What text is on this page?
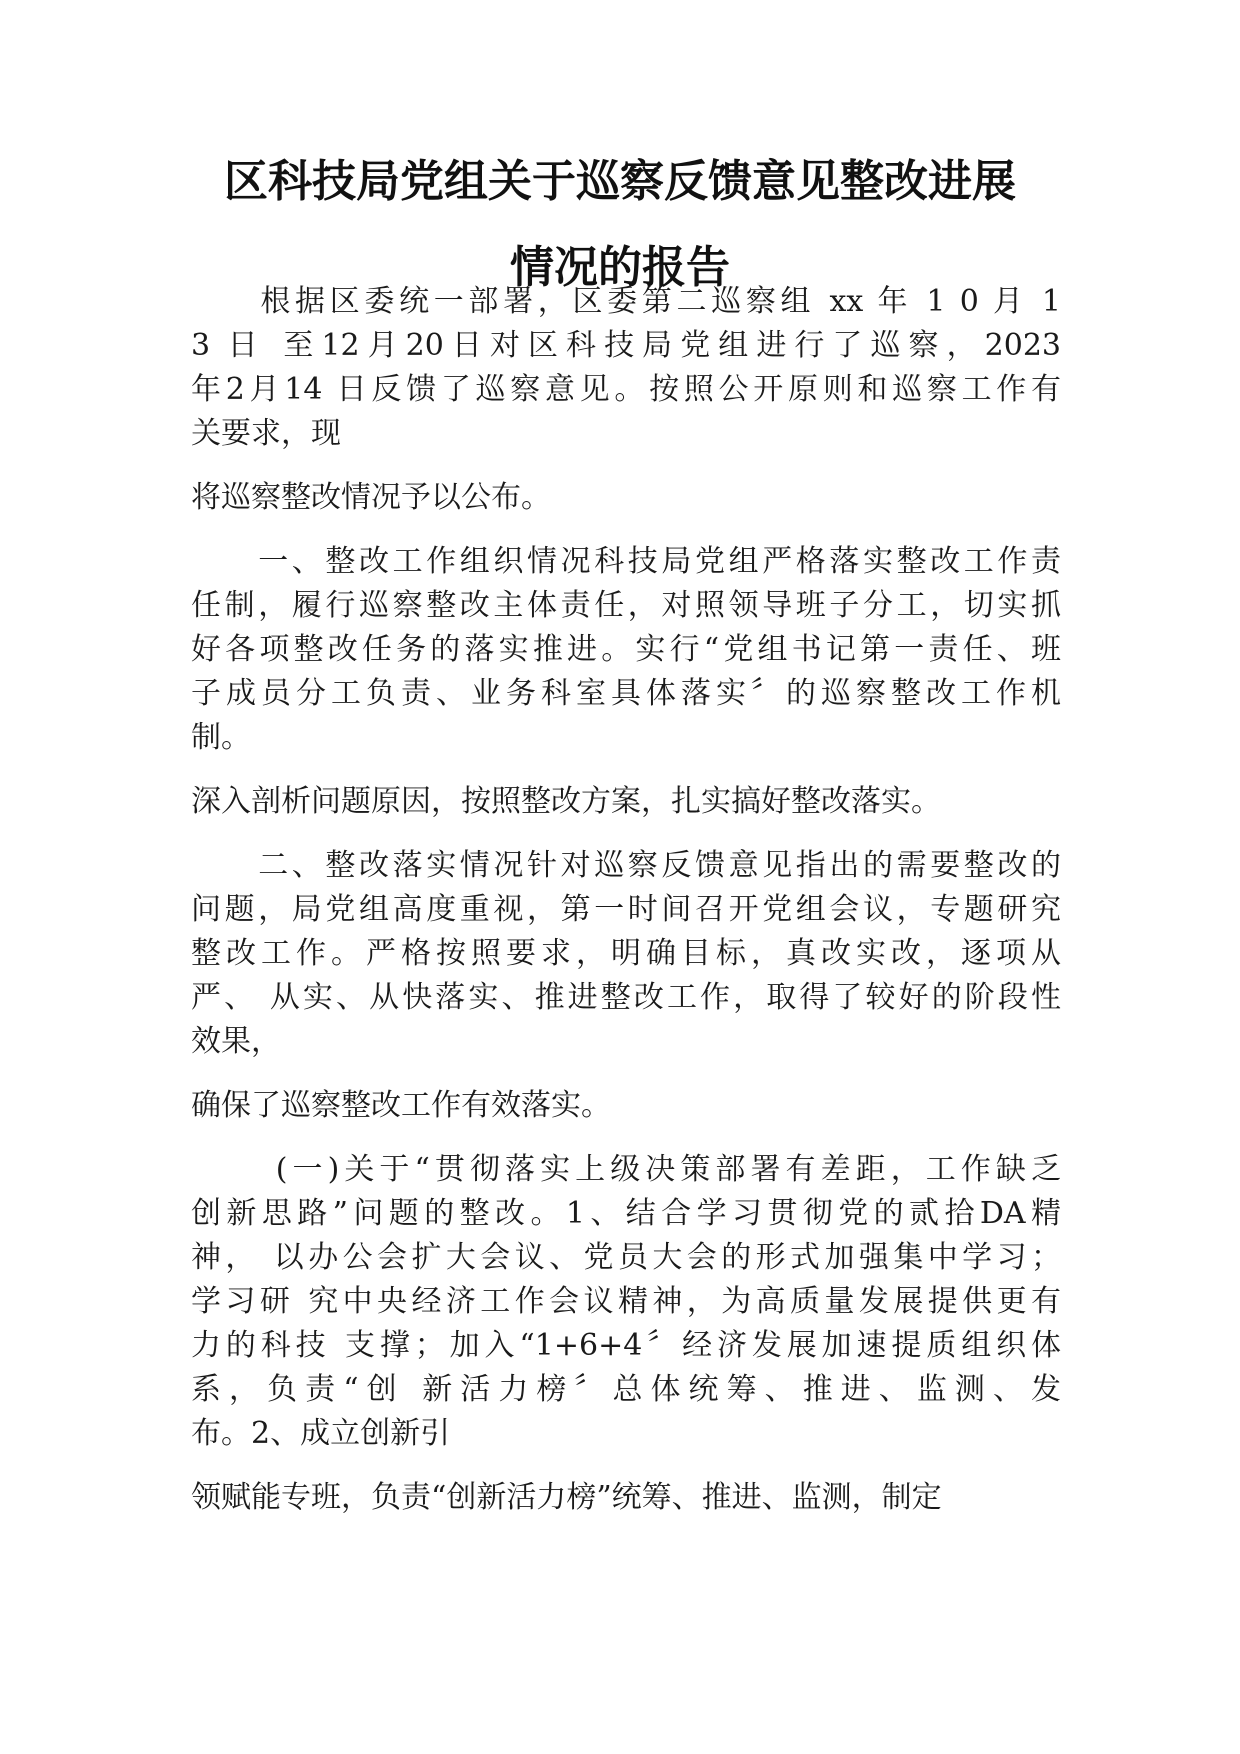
区科技局党组关于巡察反馈意见整改进展
情况的报告
　　根据区委统一部署，区委第二巡察组 xx 年 1 0 月 1
3 日 至12月20日对区科技局党组进行了巡察，2023
年2月14 日反馈了巡察意见。按照公开原则和巡察工作有
关要求，现
将巡察整改情况予以公布。
　　一、整改工作组织情况科技局党组严格落实整改工作责
任制，履行巡察整改主体责任，对照领导班子分工，切实抓
好各项整改任务的落实推进。实行“党组书记第一责任、班
子成员分工负责、业务科室具体落实〞的巡察整改工作机
制。
深入剖析问题原因，按照整改方案，扎实搞好整改落实。
　　二、整改落实情况针对巡察反馈意见指出的需要整改的
问题，局党组高度重视，第一时间召开党组会议，专题研究
整改工作。严格按照要求，明确目标，真改实改，逐项从
严、 从实、从快落实、推进整改工作，取得了较好的阶段性
效果，
确保了巡察整改工作有效落实。
　　 (一)关于“贯彻落实上级决策部署有差距，工作缺乏
创新思路”问题的整改。1、结合学习贯彻党的贰拾DA精
神， 以办公会扩大会议、党员大会的形式加强集中学习；
学习研 究中央经济工作会议精神，为高质量发展提供更有
力的科技 支撑；加入“1+6+4〞经济发展加速提质组织体
系，负责“创 新活力榜〞总体统筹、推进、监测、发
布。2、成立创新引
领赋能专班，负责“创新活力榜”统筹、推进、监测，制定
